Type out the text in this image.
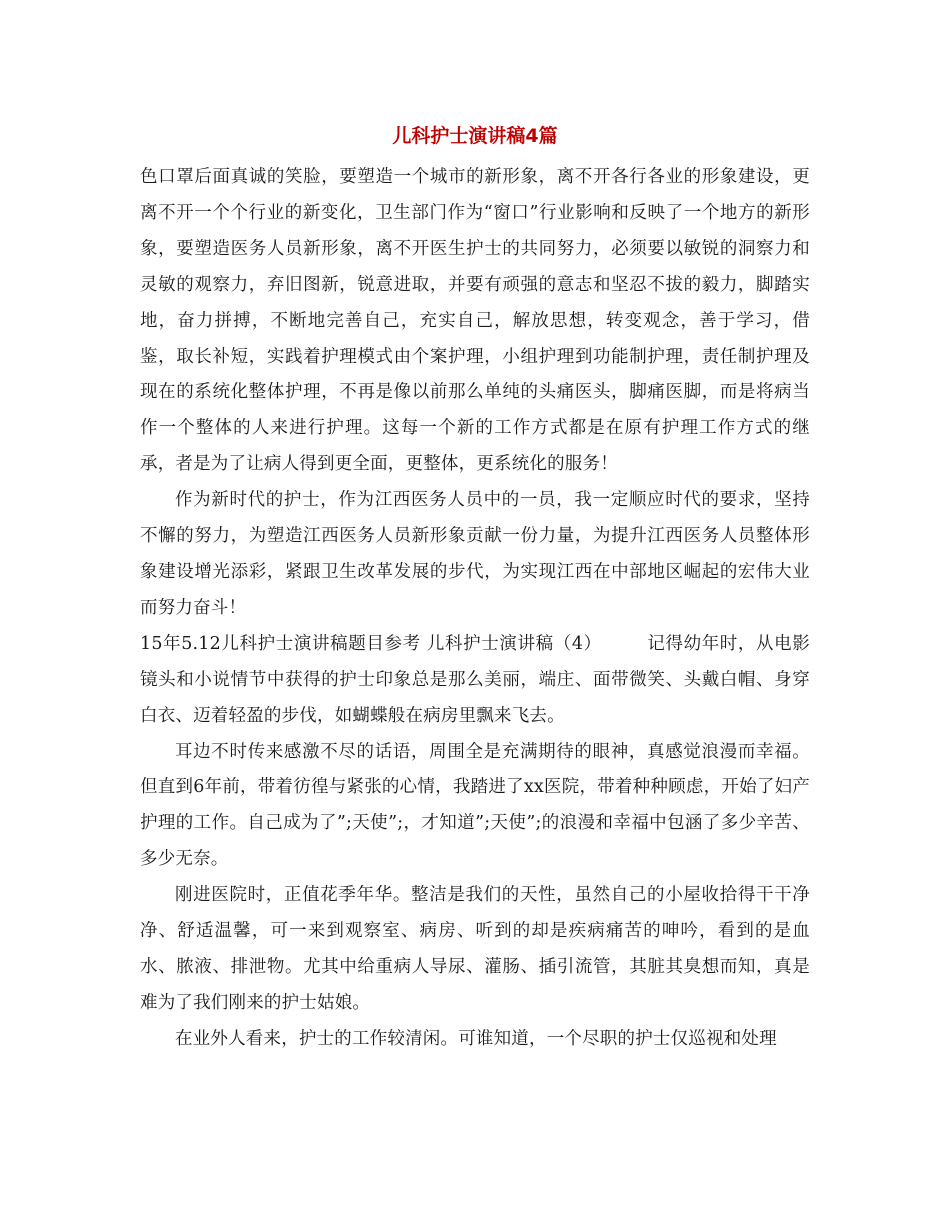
儿科护士演讲稿4篇

色口罩后面真诚的笑脸，要塑造一个城市的新形象，离不开各行各业的形象建设，更离不开一个个行业的新变化，卫生部门作为“窗口”行业影响和反映了一个地方的新形象，要塑造医务人员新形象，离不开医生护士的共同努力，必须要以敏锐的洞察力和灵敏的观察力，弃旧图新，锐意进取，并要有顽强的意志和坚忍不拔的毅力，脚踏实地，奋力拼搏，不断地完善自己，充实自己，解放思想，转变观念，善于学习，借鉴，取长补短，实践着护理模式由个案护理，小组护理到功能制护理，责任制护理及现在的系统化整体护理，不再是像以前那么单纯的头痛医头，脚痛医脚，而是将病当作一个整体的人来进行护理。这每一个新的工作方式都是在原有护理工作方式的继承，者是为了让病人得到更全面，更整体，更系统化的服务！

作为新时代的护士，作为江西医务人员中的一员，我一定顺应时代的要求，坚持不懈的努力，为塑造江西医务人员新形象贡献一份力量，为提升江西医务人员整体形象建设增光添彩，紧跟卫生改革发展的步代，为实现江西在中部地区崛起的宏伟大业而努力奋斗！

15年5.12儿科护士演讲稿题目参考 儿科护士演讲稿（4）　　　记得幼年时，从电影镜头和小说情节中获得的护士印象总是那么美丽，端庄、面带微笑、头戴白帽、身穿白衣、迈着轻盈的步伐，如蝴蝶般在病房里飘来飞去。

耳边不时传来感激不尽的话语，周围全是充满期待的眼神，真感觉浪漫而幸福。但直到6年前，带着彷徨与紧张的心情，我踏进了xx医院，带着种种顾虑，开始了妇产护理的工作。自己成为了”;天使”;，才知道”;天使”;的浪漫和幸福中包涵了多少辛苦、多少无奈。

刚进医院时，正值花季年华。整洁是我们的天性，虽然自己的小屋收拾得干干净净、舒适温馨，可一来到观察室、病房、听到的却是疾病痛苦的呻吟，看到的是血水、脓液、排泄物。尤其中给重病人导尿、灌肠、插引流管，其脏其臭想而知，真是难为了我们刚来的护士姑娘。

在业外人看来，护士的工作较清闲。可谁知道，一个尽职的护士仅巡视和处理
